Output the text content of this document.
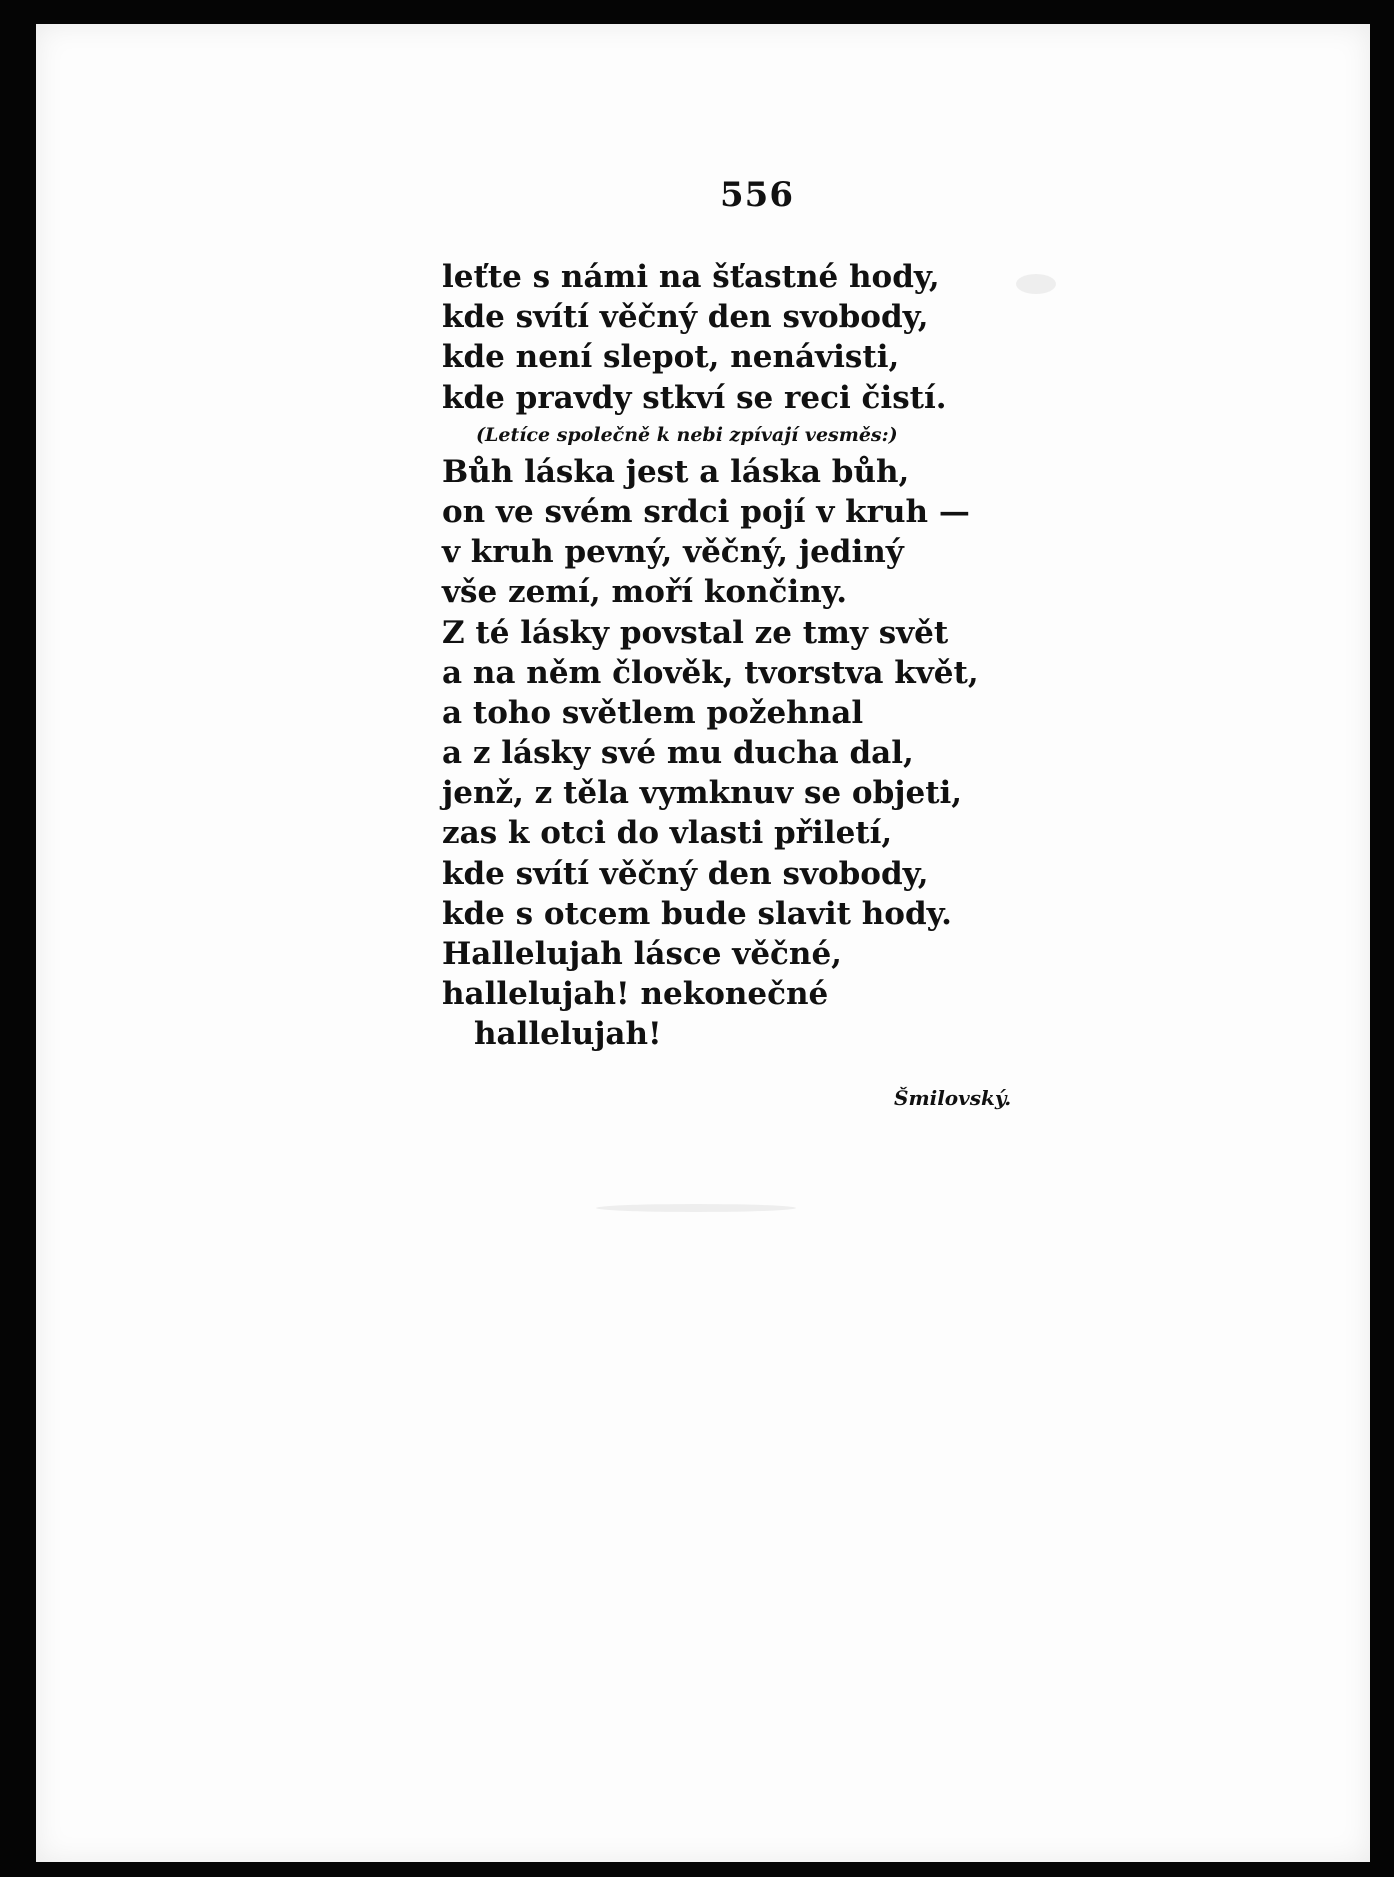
556
leťte s námi na šťastné hody,
kde svítí věčný den svobody,
kde není slepot, nenávisti,
kde pravdy stkví se reci čistí.
(Letíce společně k nebi zpívají vesměs:)
Bůh láska jest a láska bůh,
on ve svém srdci pojí v kruh —
v kruh pevný, věčný, jediný
vše zemí, moří končiny.
Z té lásky povstal ze tmy svět
a na něm člověk, tvorstva květ,
a toho světlem požehnal
a z lásky své mu ducha dal,
jenž, z těla vymknuv se objeti,
zas k otci do vlasti přiletí,
kde svítí věčný den svobody,
kde s otcem bude slavit hody.
Hallelujah lásce věčné,
hallelujah! nekonečné
hallelujah!
Šmilovský.
